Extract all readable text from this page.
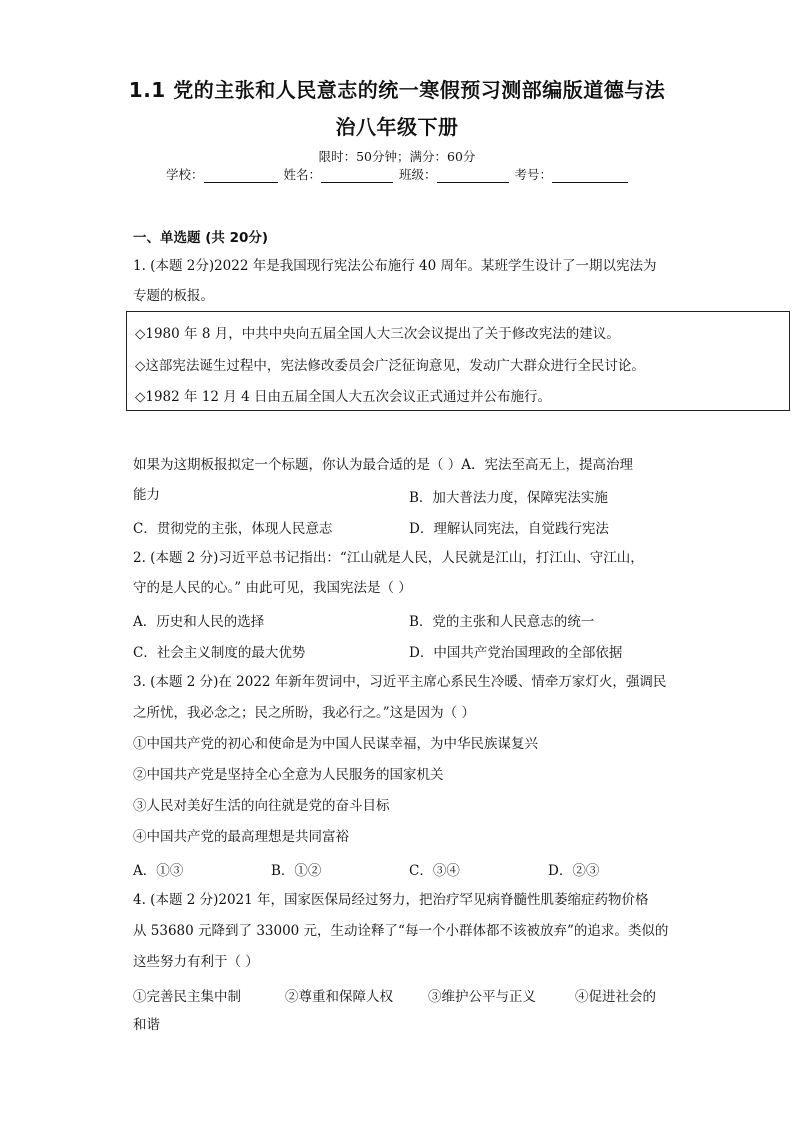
1.1 党的主张和人民意志的统一寒假预习测部编版道德与法
治八年级下册
限时：50分钟；满分：60分
学校：	姓名：	班级：	考号：
一、单选题 (共 20分)
1. (本题 2分)2022 年是我国现行宪法公布施行 40 周年。某班学生设计了一期以宪法为
专题的板报。
◇1980 年 8 月，中共中央向五届全国人大三次会议提出了关于修改宪法的建议。
◇这部宪法诞生过程中，宪法修改委员会广泛征询意见，发动广大群众进行全民讨论。
◇1982 年 12 月 4 日由五届全国人大五次会议正式通过并公布施行。
如果为这期板报拟定一个标题，你认为最合适的是（ ）A．宪法至高无上，提高治理
能力	B．加大普法力度，保障宪法实施
C．贯彻党的主张，体现人民意志	D．理解认同宪法，自觉践行宪法
2. (本题 2 分)习近平总书记指出：“江山就是人民，人民就是江山，打江山、守江山，
守的是人民的心。” 由此可见，我国宪法是（ ）
A．历史和人民的选择	B．党的主张和人民意志的统一
C．社会主义制度的最大优势	D．中国共产党治国理政的全部依据
3. (本题 2 分)在 2022 年新年贺词中，习近平主席心系民生冷暖、情牵万家灯火，强调民
之所忧，我必念之；民之所盼，我必行之。”这是因为（ ）
①中国共产党的初心和使命是为中国人民谋幸福，为中华民族谋复兴
②中国共产党是坚持全心全意为人民服务的国家机关
③人民对美好生活的向往就是党的奋斗目标
④中国共产党的最高理想是共同富裕
A．①③	B．①②	C．③④	D．②③
4. (本题 2 分)2021 年，国家医保局经过努力，把治疗罕见病脊髓性肌萎缩症药物价格
从 53680 元降到了 33000 元，生动诠释了“每一个小群体都不该被放弃”的追求。类似的
这些努力有利于（ ）
①完善民主集中制	②尊重和保障人权	③维护公平与正义	④促进社会的
和谐
